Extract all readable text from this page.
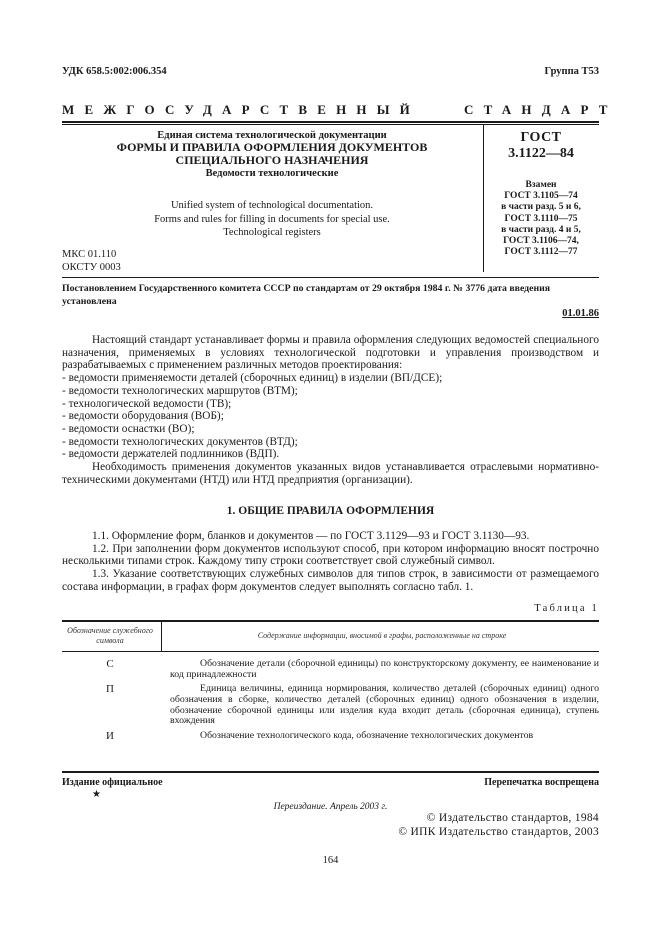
УДК 658.5:002:006.354	Группа Т53
МЕЖГОСУДАРСТВЕННЫЙ	СТАНДАРТ
Единая система технологической документации
ФОРМЫ И ПРАВИЛА ОФОРМЛЕНИЯ ДОКУМЕНТОВ
СПЕЦИАЛЬНОГО НАЗНАЧЕНИЯ
Ведомости технологические
Unified system of technological documentation.
Forms and rules for filling in documents for special use.
Technological registers
ГОСТ
3.1122—84
Взамен
ГОСТ 3.1105—74
в части разд. 5 и 6,
ГОСТ 3.1110—75
в части разд. 4 и 5,
ГОСТ 3.1106—74,
ГОСТ 3.1112—77
МКС 01.110
ОКСТУ 0003
Постановлением Государственного комитета СССР по стандартам от 29 октября 1984 г. № 3776 дата введения установлена
01.01.86

Настоящий стандарт устанавливает формы и правила оформления следующих ведомостей специального назначения, применяемых в условиях технологической подготовки и управления производством и разрабатываемых с применением различных методов проектирования:

- ведомости применяемости деталей (сборочных единиц) в изделии (ВП/ДСЕ);

- ведомости технологических маршрутов (ВТМ);

- технологической ведомости (ТВ);

- ведомости оборудования (ВОБ);

- ведомости оснастки (ВО);

- ведомости технологических документов (ВТД);

- ведомости держателей подлинников (ВДП).

Необходимость применения документов указанных видов устанавливается отраслевыми нормативно-техническими документами (НТД) или НТД предприятия (организации).

1. ОБЩИЕ ПРАВИЛА ОФОРМЛЕНИЯ

1.1. Оформление форм, бланков и документов — по ГОСТ 3.1129—93 и ГОСТ 3.1130—93.

1.2. При заполнении форм документов используют способ, при котором информацию вносят построчно несколькими типами строк. Каждому типу строки соответствует свой служебный символ.

1.3. Указание соответствующих служебных символов для типов строк, в зависимости от размещаемого состава информации, в графах форм документов следует выполнять согласно табл. 1.

Таблица 1
Обозначение служебного символа
Содержание информации, вносимой в графы, расположенные на строке
С	Обозначение детали (сборочной единицы) по конструкторскому документу, ее наименование и код принадлежности

П	Единица величины, единица нормирования, количество деталей (сборочных единиц) одного обозначения в сборке, количество деталей (сборочных единиц) одного обозначения в изделии, обозначение сборочной единицы или изделия куда входит деталь (сборочная единица), ступень вхождения

И	Обозначение технологического кода, обозначение технологических документов

Издание официальное	Перепечатка воспрещена
★
Переиздание. Апрель 2003 г.
© Издательство стандартов, 1984
© ИПК Издательство стандартов, 2003
164
